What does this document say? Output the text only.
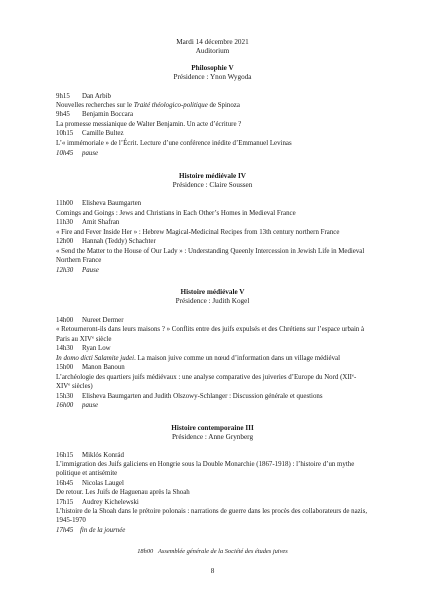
Mardi 14 décembre 2021
Auditorium
Philosophie V
Présidence : Ynon Wygoda
9h15 Dan Arbib
Nouvelles recherches sur le Traité théologico-politique de Spinoza
9h45 Benjamin Boccara
La promesse messianique de Walter Benjamin. Un acte d’écriture ?
10h15 Camille Bultez
L’« immémoriale » de l’Écrit. Lecture d’une conférence inédite d’Emmanuel Levinas
10h45 pause
Histoire médiévale IV
Présidence : Claire Soussen
11h00 Elisheva Baumgarten
Comings and Goings : Jews and Christians in Each Other’s Homes in Medieval France
11h30 Amit Shafran
« Fire and Fever Inside Her » : Hebrew Magical-Medicinal Recipes from 13th century northern France
12h00 Hannah (Teddy) Schachter
« Send the Matter to the House of Our Lady » : Understanding Queenly Intercession in Jewish Life in Medieval
Northern France
12h30 Pause
Histoire médiévale V
Présidence : Judith Kogel
14h00 Nureet Dermer
« Retourneront-ils dans leurs maisons ? » Conflits entre des juifs expulsés et des Chrétiens sur l’espace urbain à
Paris au XIVe siècle
14h30 Ryan Low
In domo dicti Salamite judei. La maison juive comme un nœud d’information dans un village médiéval
15h00 Manon Banoun
L’archéologie des quartiers juifs médiévaux : une analyse comparative des juiveries d’Europe du Nord (XIIe-
XIVe siècles)
15h30 Elisheva Baumgarten and Judith Olszowy-Schlanger : Discussion générale et questions
16h00 pause
Histoire contemporaine III
Présidence : Anne Grynberg
16h15 Miklós Konrád
L’immigration des Juifs galiciens en Hongrie sous la Double Monarchie (1867-1918) : l’histoire d’un mythe
politique et antisémite
16h45 Nicolas Laugel
De retour. Les Juifs de Haguenau après la Shoah
17h15 Audrey Kichelewski
L’histoire de la Shoah dans le prétoire polonais : narrations de guerre dans les procès des collaborateurs de nazis,
1945-1970
17h45 fin de la journée
18h00 Assemblée générale de la Société des études juives
8
